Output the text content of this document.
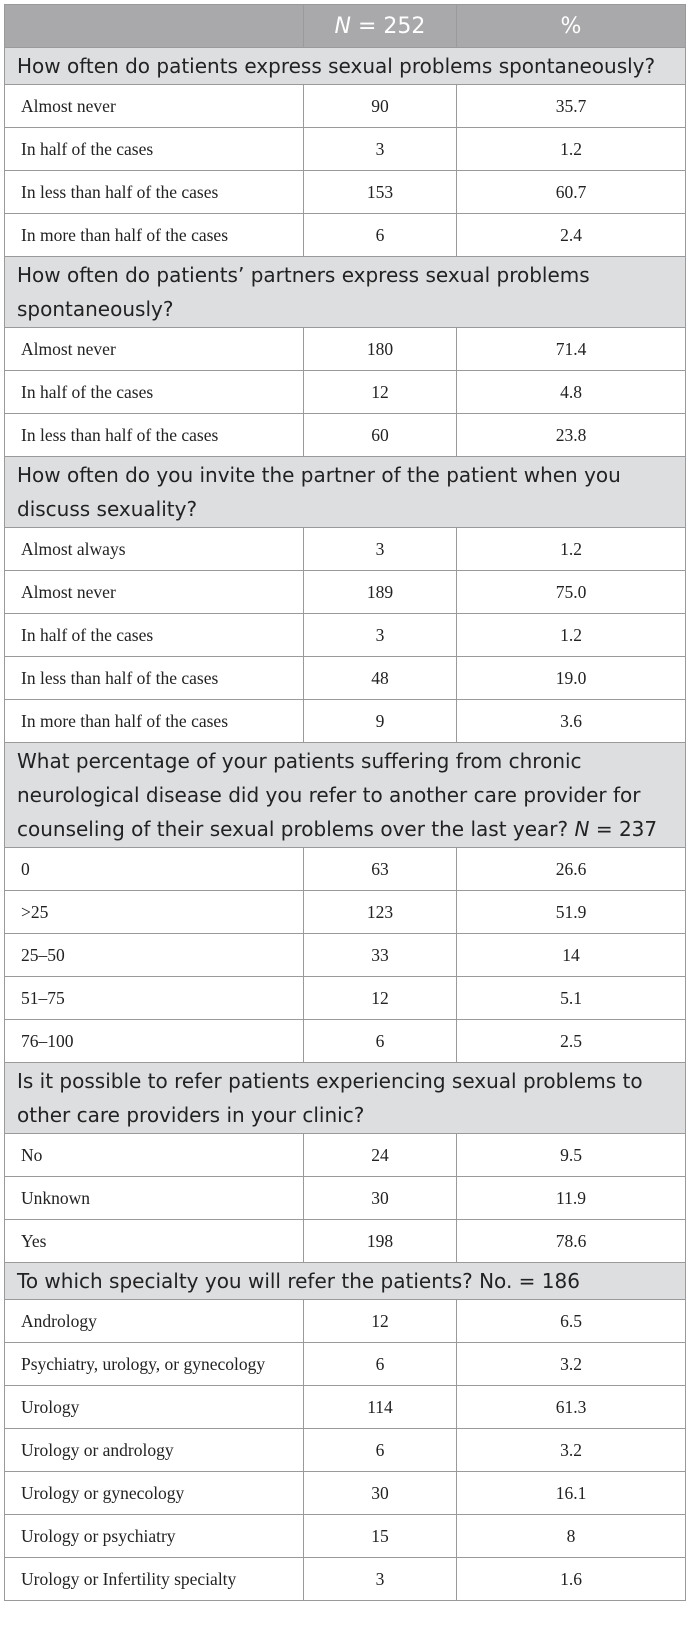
	N = 252	%
How often do patients express sexual problems spontaneously?		
Almost never	90	35.7
In half of the cases	3	1.2
In less than half of the cases	153	60.7
In more than half of the cases	6	2.4
How often do patients’ partners express sexual problems spontaneously?		
Almost never	180	71.4
In half of the cases	12	4.8
In less than half of the cases	60	23.8
How often do you invite the partner of the patient when you discuss sexuality?		
Almost always	3	1.2
Almost never	189	75.0
In half of the cases	3	1.2
In less than half of the cases	48	19.0
In more than half of the cases	9	3.6
What percentage of your patients suffering from chronic neurological disease did you refer to another care provider for counseling of their sexual problems over the last year? N = 237		
0	63	26.6
>25	123	51.9
25–50	33	14
51–75	12	5.1
76–100	6	2.5
Is it possible to refer patients experiencing sexual problems to other care providers in your clinic?		
No	24	9.5
Unknown	30	11.9
Yes	198	78.6
To which specialty you will refer the patients? No. = 186		
Andrology	12	6.5
Psychiatry, urology, or gynecology	6	3.2
Urology	114	61.3
Urology or andrology	6	3.2
Urology or gynecology	30	16.1
Urology or psychiatry	15	8
Urology or Infertility specialty	3	1.6
